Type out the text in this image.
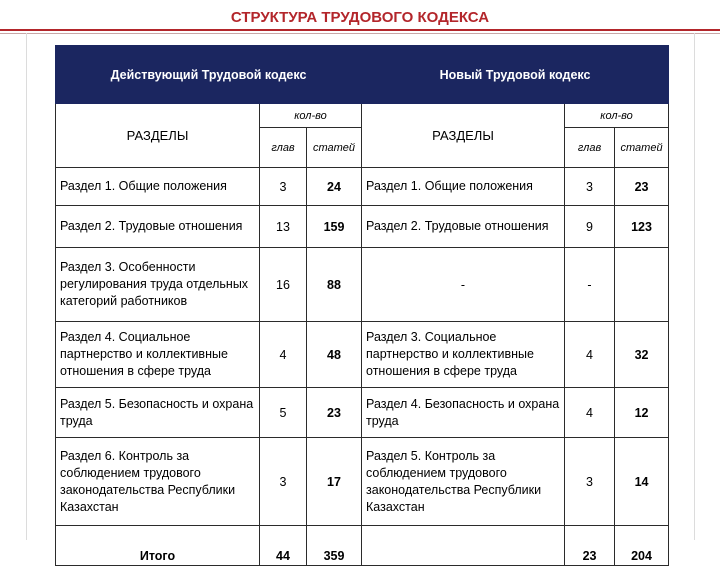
СТРУКТУРА ТРУДОВОГО КОДЕКСА
Действующий Трудовой кодекс			Новый Трудовой кодекс		
РАЗДЕЛЫ	кол-во		РАЗДЕЛЫ	кол-во	
	глав	статей		глав	статей
Раздел 1. Общие положения	3	24	Раздел 1. Общие положения	3	23
Раздел 2. Трудовые отношения	13	159	Раздел 2. Трудовые отношения	9	123
Раздел 3. Особенности регулирования труда отдельных категорий работников	16	88	-	-	
Раздел 4. Социальное партнерство и коллективные отношения в сфере труда	4	48	Раздел 3. Социальное партнерство и коллективные отношения в сфере труда	4	32
Раздел 5. Безопасность и охрана труда	5	23	Раздел 4. Безопасность и охрана труда	4	12
Раздел 6. Контроль за соблюдением трудового законодательства Республики Казахстан	3	17	Раздел 5. Контроль за соблюдением трудового законодательства Республики Казахстан	3	14
Итого	44	359		23	204
